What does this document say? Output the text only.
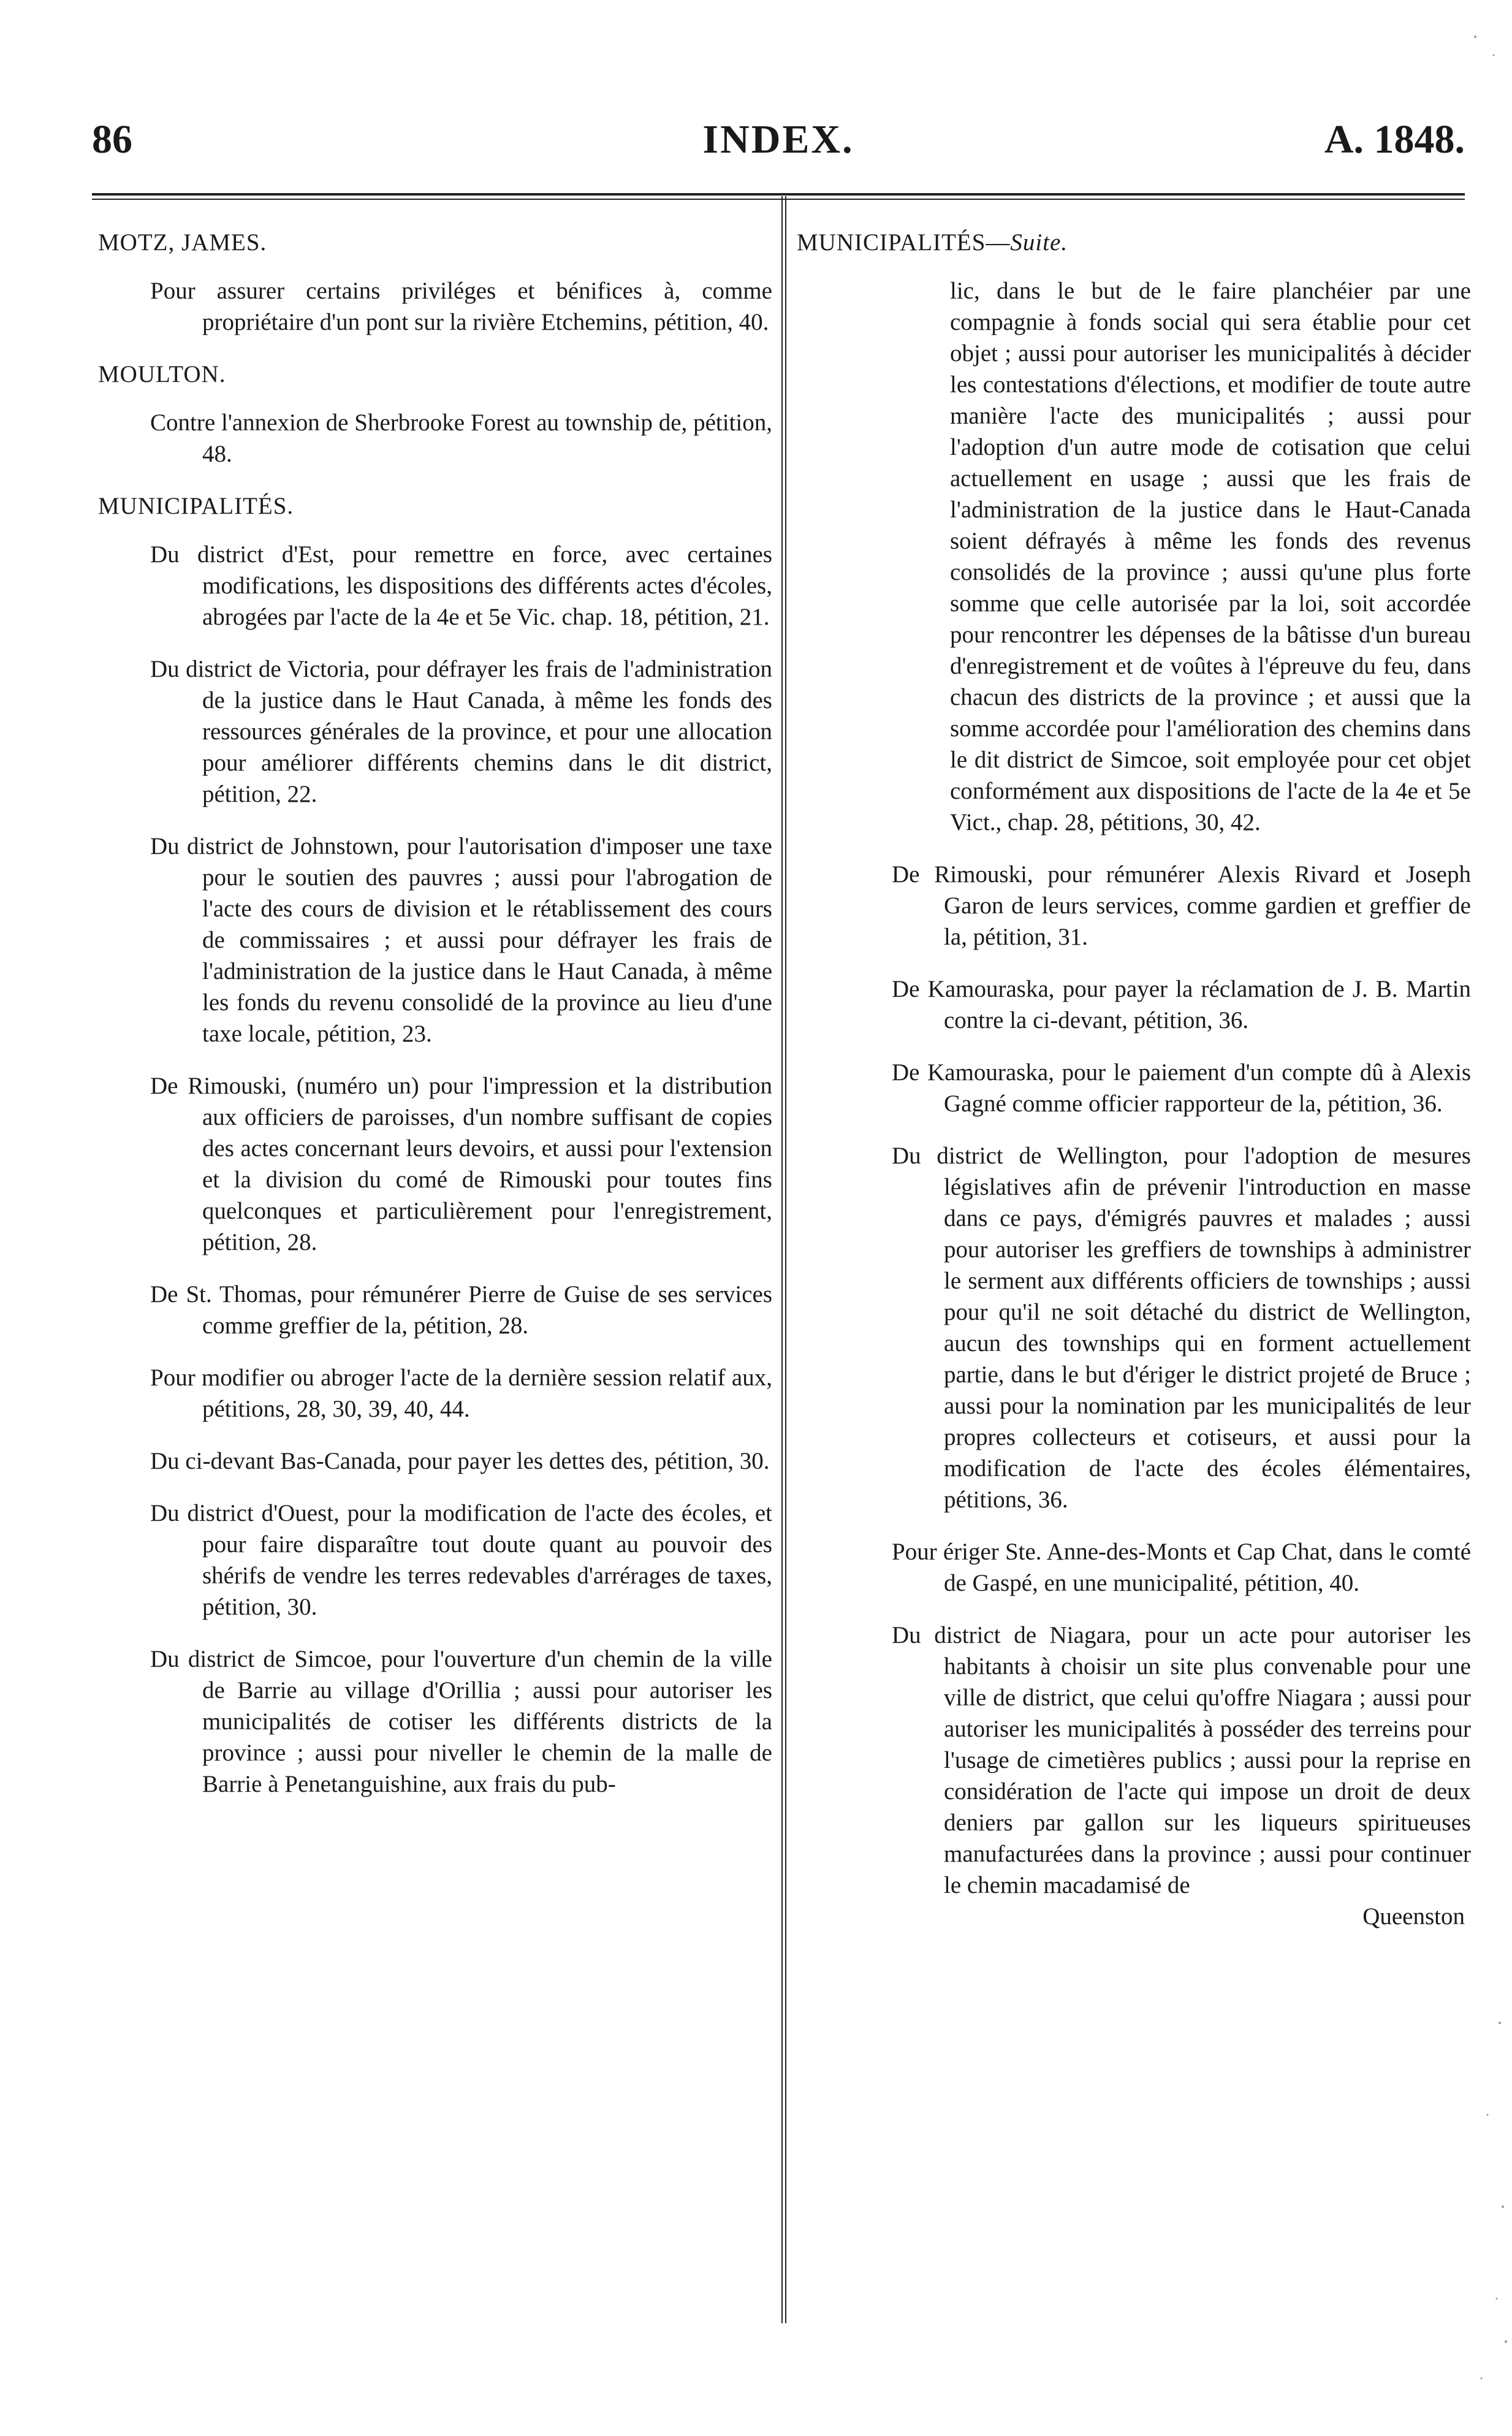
86	INDEX.	A. 1848.
MOTZ, JAMES.
Pour assurer certains priviléges et bénifices à, comme propriétaire d'un pont sur la rivière Etchemins, pétition, 40.
MOULTON.
Contre l'annexion de Sherbrooke Forest au township de, pétition, 48.
MUNICIPALITÉS.
Du district d'Est, pour remettre en force, avec certaines modifications, les dispositions des différents actes d'écoles, abrogées par l'acte de la 4e et 5e Vic. chap. 18, pétition, 21.
Du district de Victoria, pour défrayer les frais de l'administration de la justice dans le Haut Canada, à même les fonds des ressources générales de la province, et pour une allocation pour améliorer différents chemins dans le dit district, pétition, 22.
Du district de Johnstown, pour l'autorisation d'imposer une taxe pour le soutien des pauvres ; aussi pour l'abrogation de l'acte des cours de division et le rétablissement des cours de commissaires ; et aussi pour défrayer les frais de l'administration de la justice dans le Haut Canada, à même les fonds du revenu consolidé de la province au lieu d'une taxe locale, pétition, 23.
De Rimouski, (numéro un) pour l'impression et la distribution aux officiers de paroisses, d'un nombre suffisant de copies des actes concernant leurs devoirs, et aussi pour l'extension et la division du comé de Rimouski pour toutes fins quelconques et particulièrement pour l'enregistrement, pétition, 28.
De St. Thomas, pour rémunérer Pierre de Guise de ses services comme greffier de la, pétition, 28.
Pour modifier ou abroger l'acte de la dernière session relatif aux, pétitions, 28, 30, 39, 40, 44.
Du ci-devant Bas-Canada, pour payer les dettes des, pétition, 30.
Du district d'Ouest, pour la modification de l'acte des écoles, et pour faire disparaître tout doute quant au pouvoir des shérifs de vendre les terres redevables d'arrérages de taxes, pétition, 30.
Du district de Simcoe, pour l'ouverture d'un chemin de la ville de Barrie au village d'Orillia ; aussi pour autoriser les municipalités de cotiser les différents districts de la province ; aussi pour niveller le chemin de la malle de Barrie à Penetanguishine, aux frais du pub-
MUNICIPALITÉS—Suite.
lic, dans le but de le faire planchéier par une compagnie à fonds social qui sera établie pour cet objet ; aussi pour autoriser les municipalités à décider les contestations d'élections, et modifier de toute autre manière l'acte des municipalités ; aussi pour l'adoption d'un autre mode de cotisation que celui actuellement en usage ; aussi que les frais de l'administration de la justice dans le Haut-Canada soient défrayés à même les fonds des revenus consolidés de la province ; aussi qu'une plus forte somme que celle autorisée par la loi, soit accordée pour rencontrer les dépenses de la bâtisse d'un bureau d'enregistrement et de voûtes à l'épreuve du feu, dans chacun des districts de la province ; et aussi que la somme accordée pour l'amélioration des chemins dans le dit district de Simcoe, soit employée pour cet objet conformément aux dispositions de l'acte de la 4e et 5e Vict., chap. 28, pétitions, 30, 42.
De Rimouski, pour rémunérer Alexis Rivard et Joseph Garon de leurs services, comme gardien et greffier de la, pétition, 31.
De Kamouraska, pour payer la réclamation de J. B. Martin contre la ci-devant, pétition, 36.
De Kamouraska, pour le paiement d'un compte dû à Alexis Gagné comme officier rapporteur de la, pétition, 36.
Du district de Wellington, pour l'adoption de mesures législatives afin de prévenir l'introduction en masse dans ce pays, d'émigrés pauvres et malades ; aussi pour autoriser les greffiers de townships à administrer le serment aux différents officiers de townships ; aussi pour qu'il ne soit détaché du district de Wellington, aucun des townships qui en forment actuellement partie, dans le but d'ériger le district projeté de Bruce ; aussi pour la nomination par les municipalités de leur propres collecteurs et cotiseurs, et aussi pour la modification de l'acte des écoles élémentaires, pétitions, 36.
Pour ériger Ste. Anne-des-Monts et Cap Chat, dans le comté de Gaspé, en une municipalité, pétition, 40.
Du district de Niagara, pour un acte pour autoriser les habitants à choisir un site plus convenable pour une ville de district, que celui qu'offre Niagara ; aussi pour autoriser les municipalités à posséder des terreins pour l'usage de cimetières publics ; aussi pour la reprise en considération de l'acte qui impose un droit de deux deniers par gallon sur les liqueurs spiritueuses manufacturées dans la province ; aussi pour continuer le chemin macadamisé de
Queenston
